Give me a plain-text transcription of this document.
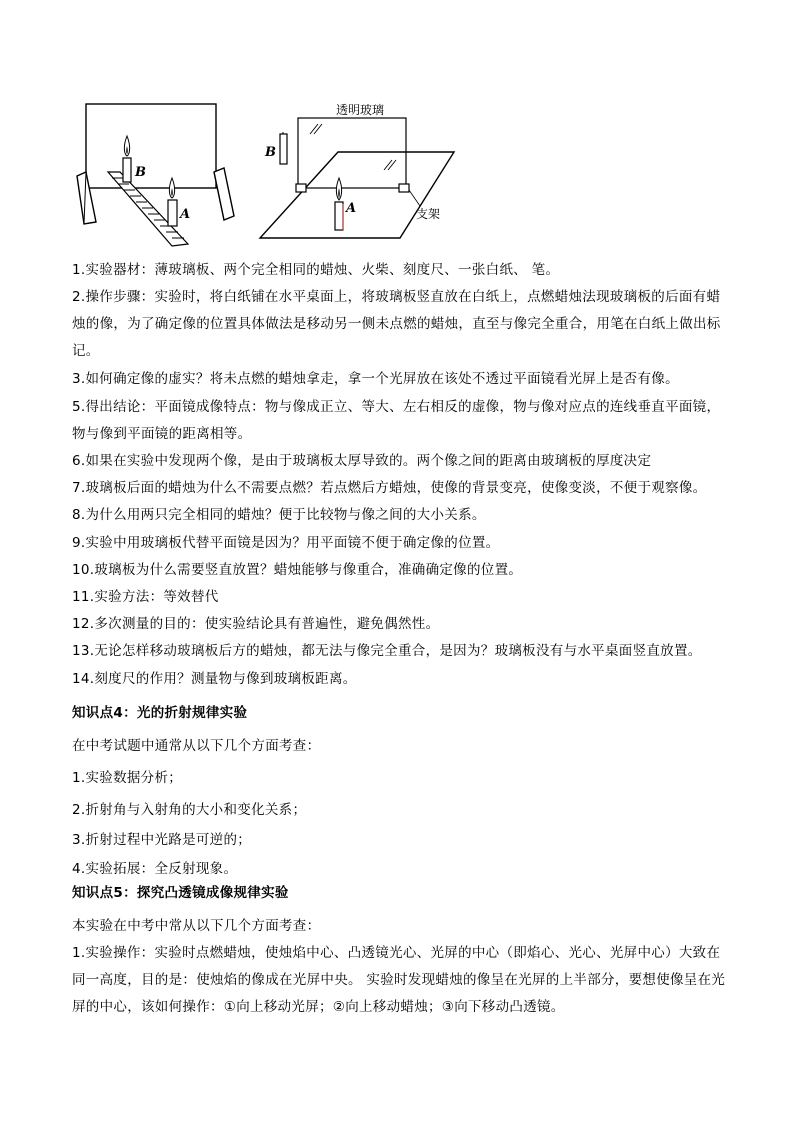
B
A
透明玻璃
B
A	支架
1.实验器材：薄玻璃板、两个完全相同的蜡烛、火柴、刻度尺、一张白纸、 笔。
2.操作步骤：实验时，将白纸铺在水平桌面上，将玻璃板竖直放在白纸上，点燃蜡烛法现玻璃板的后面有蜡烛的像，为了确定像的位置具体做法是移动另一侧未点燃的蜡烛，直至与像完全重合，用笔在白纸上做出标记。
3.如何确定像的虚实？将未点燃的蜡烛拿走，拿一个光屏放在该处不透过平面镜看光屏上是否有像。
5.得出结论：平面镜成像特点：物与像成正立、等大、左右相反的虚像，物与像对应点的连线垂直平面镜，物与像到平面镜的距离相等。
6.如果在实验中发现两个像，是由于玻璃板太厚导致的。两个像之间的距离由玻璃板的厚度决定
7.玻璃板后面的蜡烛为什么不需要点燃？若点燃后方蜡烛，使像的背景变亮，使像变淡，不便于观察像。
8.为什么用两只完全相同的蜡烛？便于比较物与像之间的大小关系。
9.实验中用玻璃板代替平面镜是因为？用平面镜不便于确定像的位置。
10.玻璃板为什么需要竖直放置？蜡烛能够与像重合，准确确定像的位置。
11.实验方法：等效替代
12.多次测量的目的：使实验结论具有普遍性，避免偶然性。
13.无论怎样移动玻璃板后方的蜡烛，都无法与像完全重合，是因为？玻璃板没有与水平桌面竖直放置。
14.刻度尺的作用？测量物与像到玻璃板距离。
知识点4：光的折射规律实验
在中考试题中通常从以下几个方面考查：
1.实验数据分析；
2.折射角与入射角的大小和变化关系；
3.折射过程中光路是可逆的；
4.实验拓展：全反射现象。
知识点5：探究凸透镜成像规律实验
本实验在中考中常从以下几个方面考查：
1.实验操作：实验时点燃蜡烛，使烛焰中心、凸透镜光心、光屏的中心（即焰心、光心、光屏中心）大致在同一高度，目的是：使烛焰的像成在光屏中央。 实验时发现蜡烛的像呈在光屏的上半部分，要想使像呈在光屏的中心，该如何操作：①向上移动光屏；②向上移动蜡烛；③向下移动凸透镜。
